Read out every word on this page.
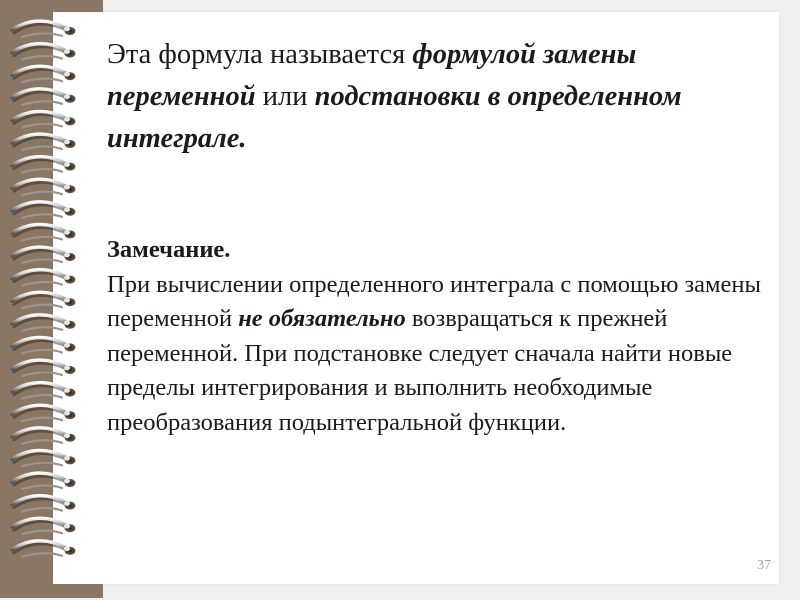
Эта формула называется формулой замены переменной или подстановки в определенном интеграле.

Замечание.
При вычислении определенного интеграла с помощью замены переменной не обязательно возвращаться к прежней переменной. При подстановке следует сначала найти новые пределы интегрирования и выполнить необходимые преобразования подынтегральной функции.
37
